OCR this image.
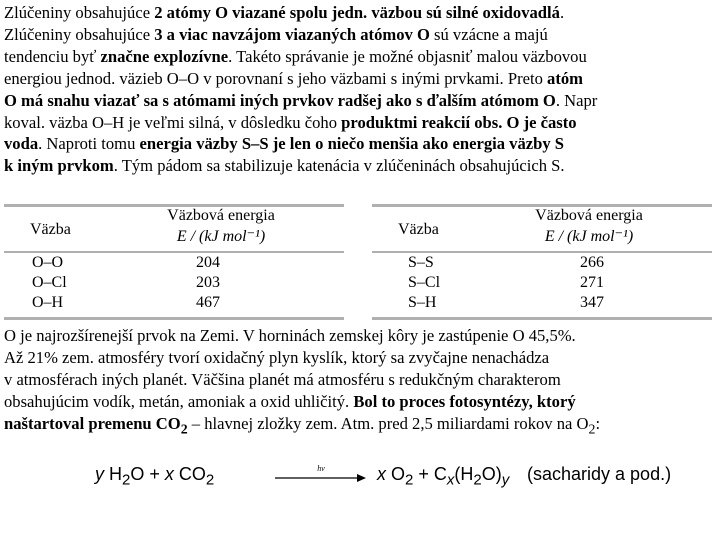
Zlúčeniny obsahujúce 2 atómy O viazané spolu jedn. väzbou sú silné oxidovadlá.
Zlúčeniny obsahujúce 3 a viac navzájom viazaných atómov O sú vzácne a majú
tendenciu byť značne explozívne. Takéto správanie je možné objasniť malou väzbovou
energiou jednod. väzieb O–O v porovnaní s jeho väzbami s inými prvkami. Preto atóm
O má snahu viazať sa s atómami iných prvkov radšej ako s ďalším atómom O. Napr
koval. väzba O–H je veľmi silná, v dôsledku čoho produktmi reakcií obs. O je často
voda. Naproti tomu energia väzby S–S je len o niečo menšia ako energia väzby S
k iným prvkom. Tým pádom sa stabilizuje katenácia v zlúčeninách obsahujúcich S.
Väzba
Väzbová energia
E / (kJ mol⁻¹)
O–O	204
O–Cl	203
O–H	467
Väzba
Väzbová energia
E / (kJ mol⁻¹)
S–S	266
S–Cl	271
S–H	347
O je najrozšírenejší prvok na Zemi. V horninách zemskej kôry je zastúpenie O 45,5%.
Až 21% zem. atmosféry tvorí oxidačný plyn kyslík, ktorý sa zvyčajne nenachádza
v atmosférach iných planét. Väčšina planét má atmosféru s redukčným charakterom
obsahujúcim vodík, metán, amoniak a oxid uhličitý. Bol to proces fotosyntézy, ktorý
naštartoval premenu $CO_2$ – hlavnej zložky zem. Atm. pred 2,5 miliardami rokov na $O_2$:
y $H_2O + x$ $CO_2$
hν	x $O_2 + C_x(H_2O)_y$ (sacharidy a pod.)
